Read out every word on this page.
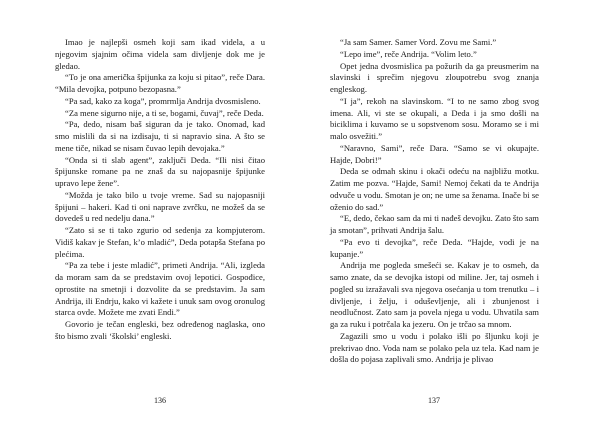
Imao je najlepši osmeh koji sam ikad videla, a u njegovim sjajnim očima videla sam divljenje dok me je gledao.

“To je ona američka špijunka za koju si pitao”, reče Dara. “Mila devojka, potpuno bezopasna.”

“Pa sad, kako za koga”, promrmlja Andrija dvosmisleno.

“Za mene sigurno nije, a ti se, bogami, čuvaj”, reče Deda.

“Pa, dedo, nisam baš siguran da je tako. Onomad, kad smo mislili da si na izdisaju, ti si napravio sina. A što se mene tiče, nikad se nisam čuvao lepih devojaka.”

“Onda si ti slab agent”, zaključi Deda. “Ili nisi čitao špijunske romane pa ne znaš da su najopasnije špijunke upravo lepe žene”.

“Možda je tako bilo u tvoje vreme. Sad su najopasniji špijuni – hakeri. Kad ti oni naprave zvrčku, ne možeš da se dovedeš u red nedelju dana.”

“Zato si se ti tako zgurio od sedenja za kompjuterom. Vidiš kakav je Stefan, k’o mladić”, Deda potapša Stefana po plećima.

“Pa za tebe i jeste mladić”, primeti Andrija. “Ali, izgleda da moram sam da se predstavim ovoj lepotici. Gospođice, oprostite na smetnji i dozvolite da se predstavim. Ja sam Andrija, ili Endrju, kako vi kažete i unuk sam ovog oronulog starca ovde. Možete me zvati Endi.”

Govorio je tečan engleski, bez određenog naglaska, ono što bismo zvali ‘školski’ engleski.

136

“Ja sam Samer. Samer Vord. Zovu me Sami.”

“Lepo ime”, reče Andrija. “Volim leto.”

Opet jedna dvosmislica pa požurih da ga preusmerim na slavinski i sprečim njegovu zloupotrebu svog znanja engleskog.

“I ja”, rekoh na slavinskom. “I to ne samo zbog svog imena. Ali, vi ste se okupali, a Deda i ja smo došli na biciklima i kuvamo se u sopstvenom sosu. Moramo se i mi malo osvežiti.”

“Naravno, Sami”, reče Dara. “Samo se vi okupajte. Hajde, Dobri!”

Deda se odmah skinu i okači odeću na najbližu motku. Zatim me pozva. “Hajde, Sami! Nemoj čekati da te Andrija odvuče u vodu. Smotan je on; ne ume sa ženama. Inače bi se oženio do sad.”

“E, dedo, čekao sam da mi ti nađeš devojku. Zato što sam ja smotan”, prihvati Andrija šalu.

“Pa evo ti devojka”, reče Deda. “Hajde, vodi je na kupanje.”

Andrija me pogleda smešeći se. Kakav je to osmeh, da samo znate, da se devojka istopi od miline. Jer, taj osmeh i pogled su izražavali sva njegova osećanja u tom trenutku – i divljenje, i želju, i oduševljenje, ali i zbunjenost i neodlučnost. Zato sam ja povela njega u vodu. Uhvatila sam ga za ruku i potrčala ka jezeru. On je trčao sa mnom.

Zagazili smo u vodu i polako išli po šljunku koji je prekrivao dno. Voda nam se polako pela uz tela. Kad nam je došla do pojasa zaplivali smo. Andrija je plivao

137
